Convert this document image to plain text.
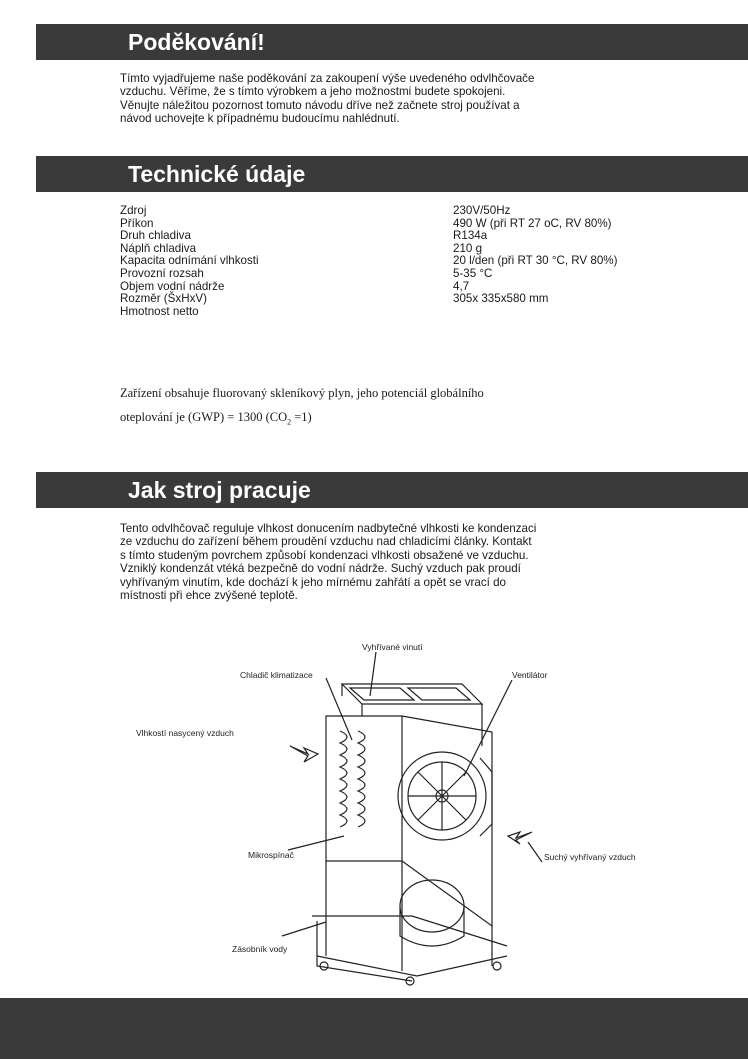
Poděkování!
Tímto vyjadřujeme naše poděkování za zakoupení výše uvedeného odvlhčovače
vzduchu. Věříme, že s tímto výrobkem a jeho možnostmi budete spokojeni.
Věnujte náležitou pozornost tomuto návodu dříve než začnete stroj používat a
návod uchovejte k případnému budoucímu nahlédnutí.
Technické údaje
Zdroj	230V/50Hz
Příkon	490 W (při RT 27 oC, RV 80%)
Druh chladiva	R134a
Náplň chladiva	210 g
Kapacita odnímání vlhkosti	20 l/den (při RT 30 °C, RV 80%)
Provozní rozsah	5-35 °C
Objem vodní nádrže	4,7
Rozměr (ŠxHxV)	305x 335x580 mm
Hmotnost netto
Zařízení obsahuje fluorovaný skleníkový plyn, jeho potenciál globálního
oteplování je (GWP) = 1300 $(CO_2 =1)$
Jak stroj pracuje
Tento odvlhčovač reguluje vlhkost donucením nadbytečné vlhkosti ke kondenzaci
ze vzduchu do zařízení během proudění vzduchu nad chladicími články. Kontakt
s tímto studeným povrchem způsobí kondenzaci vlhkosti obsažené ve vzduchu.
Vzniklý kondenzát vtéká bezpečně do vodní nádrže. Suchý vzduch pak proudí
vyhřívaným vinutím, kde dochází k jeho mírnému zahřátí a opět se vrací do
místnosti při ehce zvýšené teplotě.
Vyhřívané vinutí
Chladič klimatizace	Ventilátor
Vlhkostí nasycený vzduch
Suchý vyhřívaný vzduch
Mikrospínač
Zásobník vody
